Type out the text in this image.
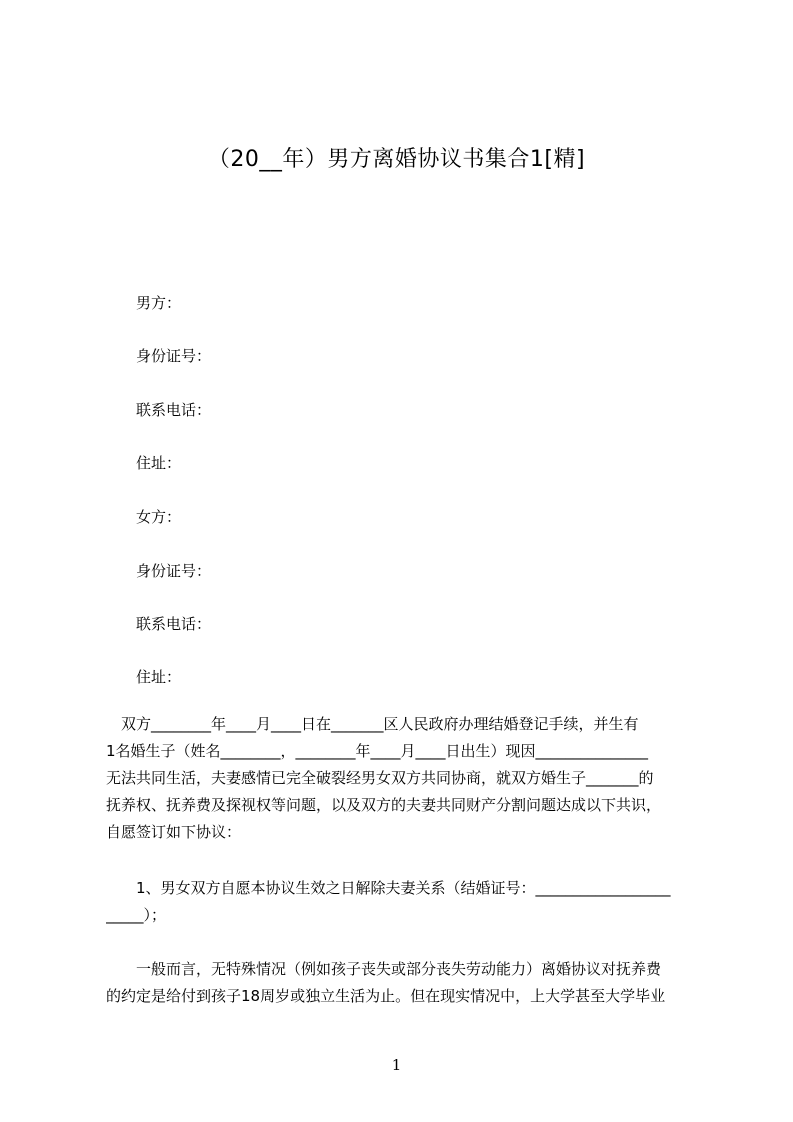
（20__年）男方离婚协议书集合1[精]
男方：
身份证号：
联系电话：
住址：
女方：
身份证号：
联系电话：
住址：
　双方________年____月____日在_______区人民政府办理结婚登记手续，并生有
1名婚生子（姓名________，________年____月____日出生）现因_______________
无法共同生活，夫妻感情已完全破裂经男女双方共同协商，就双方婚生子_______的
抚养权、抚养费及探视权等问题，以及双方的夫妻共同财产分割问题达成以下共识，
自愿签订如下协议：
　　1、男女双方自愿本协议生效之日解除夫妻关系（结婚证号：__________________
_____）；
　　一般而言，无特殊情况（例如孩子丧失或部分丧失劳动能力）离婚协议对抚养费
的约定是给付到孩子18周岁或独立生活为止。但在现实情况中，上大学甚至大学毕业
1
